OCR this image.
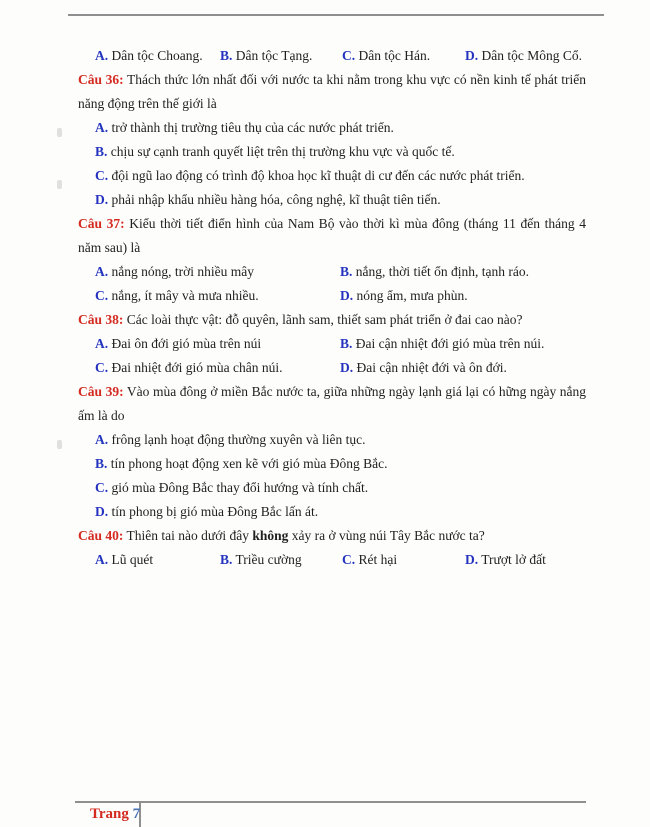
A. Dân tộc Choang.	B. Dân tộc Tạng.	C. Dân tộc Hán.	D. Dân tộc Mông Cổ.

Câu 36: Thách thức lớn nhất đối với nước ta khi nằm trong khu vực có nền kinh tế phát triển năng động trên thế giới là

A. trở thành thị trường tiêu thụ của các nước phát triển.

B. chịu sự cạnh tranh quyết liệt trên thị trường khu vực và quốc tế.

C. đội ngũ lao động có trình độ khoa học kĩ thuật di cư đến các nước phát triển.

D. phải nhập khẩu nhiều hàng hóa, công nghệ, kĩ thuật tiên tiến.

Câu 37: Kiểu thời tiết điển hình của Nam Bộ vào thời kì mùa đông (tháng 11 đến tháng 4 năm sau) là

A. nắng nóng, trời nhiều mây	B. nắng, thời tiết ổn định, tạnh ráo.

C. nắng, ít mây và mưa nhiều.	D. nóng ẩm, mưa phùn.

Câu 38: Các loài thực vật: đỗ quyên, lãnh sam, thiết sam phát triển ở đai cao nào?

A. Đai ôn đới gió mùa trên núi	B. Đai cận nhiệt đới gió mùa trên núi.

C. Đai nhiệt đới gió mùa chân núi.	D. Đai cận nhiệt đới và ôn đới.

Câu 39: Vào mùa đông ở miền Bắc nước ta, giữa những ngày lạnh giá lại có hững ngày nắng ấm là do

A. frông lạnh hoạt động thường xuyên và liên tục.

B. tín phong hoạt động xen kẽ với gió mùa Đông Bắc.

C. gió mùa Đông Bắc thay đổi hướng và tính chất.

D. tín phong bị gió mùa Đông Bắc lấn át.

Câu 40: Thiên tai nào dưới đây không xảy ra ở vùng núi Tây Bắc nước ta?

A. Lũ quét	B. Triều cường	C. Rét hại	D. Trượt lở đất
Trang 7
